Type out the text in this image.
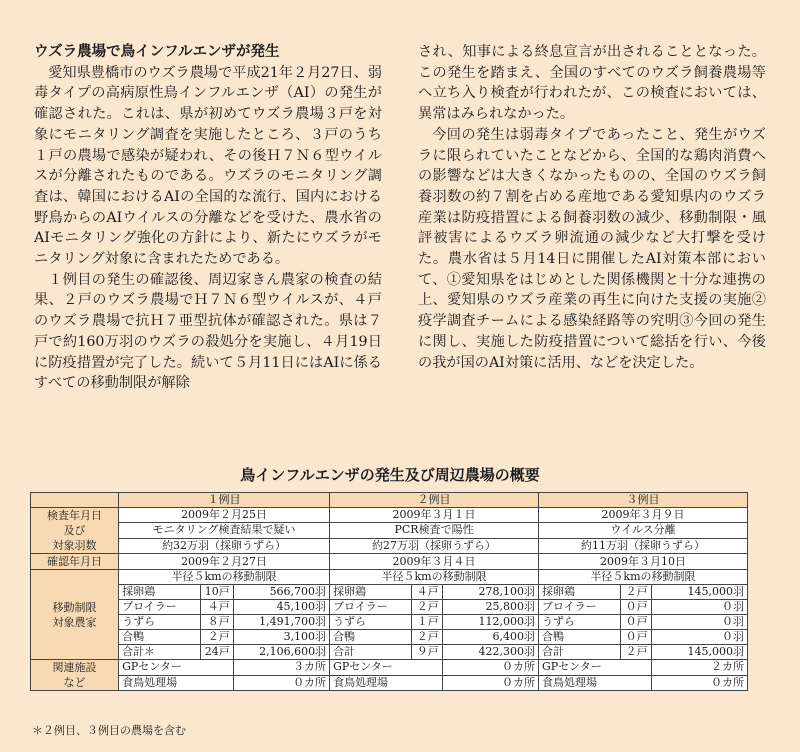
ウズラ農場で鳥インフルエンザが発生

愛知県豊橋市のウズラ農場で平成21年２月27日、弱毒タイプの高病原性鳥インフルエンザ（AI）の発生が確認された。これは、県が初めてウズラ農場３戸を対象にモニタリング調査を実施したところ、３戸のうち１戸の農場で感染が疑われ、その後Ｈ７Ｎ６型ウイルスが分離されたものである。ウズラのモニタリング調査は、韓国におけるAIの全国的な流行、国内における野鳥からのAIウイルスの分離などを受けた、農水省のAIモニタリング強化の方針により、新たにウズラがモニタリング対象に含まれたためである。

１例目の発生の確認後、周辺家きん農家の検査の結果、２戸のウズラ農場でＨ７Ｎ６型ウイルスが、４戸のウズラ農場で抗Ｈ７亜型抗体が確認された。県は７戸で約160万羽のウズラの殺処分を実施し、４月19日に防疫措置が完了した。続いて５月11日にはAIに係るすべての移動制限が解除

され、知事による終息宣言が出されることとなった。この発生を踏まえ、全国のすべてのウズラ飼養農場等へ立ち入り検査が行われたが、この検査においては、異常はみられなかった。

今回の発生は弱毒タイプであったこと、発生がウズラに限られていたことなどから、全国的な鶏肉消費への影響などは大きくなかったものの、全国のウズラ飼養羽数の約７割を占める産地である愛知県内のウズラ産業は防疫措置による飼養羽数の減少、移動制限・風評被害によるウズラ卵流通の減少など大打撃を受けた。農水省は５月14日に開催したAI対策本部において、①愛知県をはじめとした関係機関と十分な連携の上、愛知県のウズラ産業の再生に向けた支援の実施②疫学調査チームによる感染経路等の究明③今回の発生に関し、実施した防疫措置について総括を行い、今後の我が国のAI対策に活用、などを決定した。

鳥インフルエンザの発生及び周辺農場の概要
	１例目			２例目			３例目		
検査年月日
及び
対象羽数	2009年２月25日			2009年３月１日			2009年３月９日		
	モニタリング検査結果で疑い			PCR検査で陽性			ウイルス分離		
	約32万羽（採卵うずら）			約27万羽（採卵うずら）			約11万羽（採卵うずら）		
確認年月日	2009年２月27日			2009年３月４日			2009年３月10日		
移動制限
対象農家	半径５kmの移動制限			半径５kmの移動制限			半径５kmの移動制限		
	採卵鶏	10戸	566,700羽	採卵鶏	４戸	278,100羽	採卵鶏	２戸	145,000羽
	ブロイラー	４戸	45,100羽	ブロイラー	２戸	25,800羽	ブロイラー	０戸	０羽
	うずら	８戸	1,491,700羽	うずら	１戸	112,000羽	うずら	０戸	０羽
	合鴨	２戸	3,100羽	合鴨	２戸	6,400羽	合鴨	０戸	０羽
	合計＊	24戸	2,106,600羽	合計	９戸	422,300羽	合計	２戸	145,000羽
関連施設
など	GPセンター		３カ所	GPセンター		０カ所	GPセンター		２カ所
	食鳥処理場		０カ所	食鳥処理場		０カ所	食鳥処理場		０カ所
＊２例目、３例目の農場を含む
